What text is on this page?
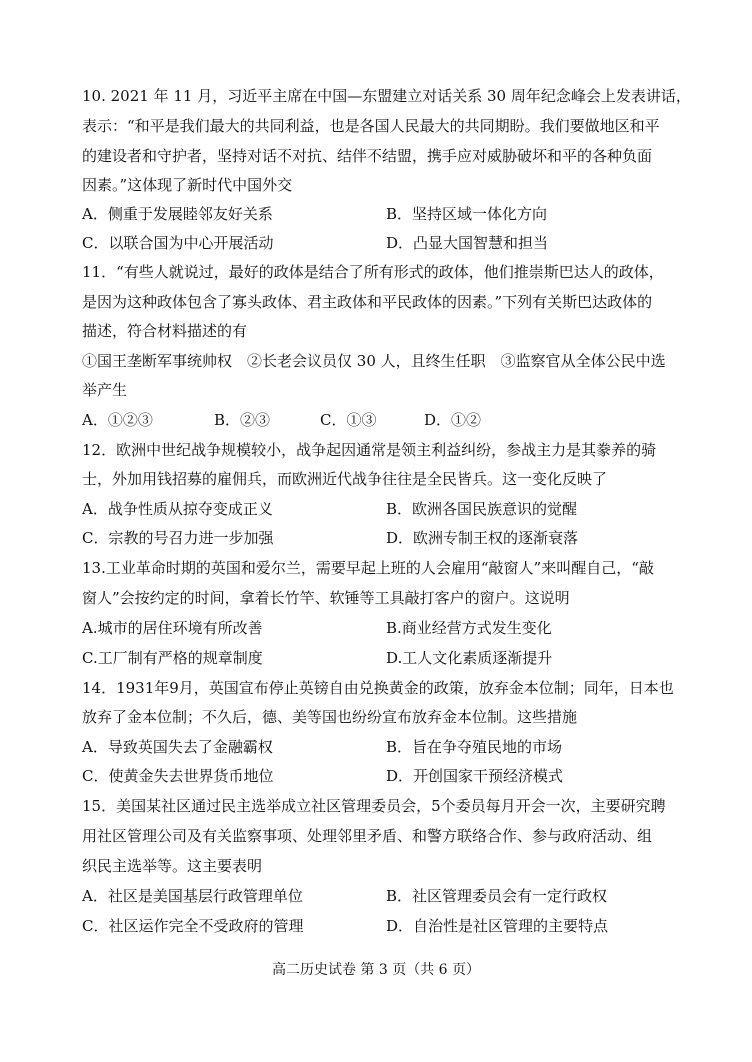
10. 2021 年 11 月，习近平主席在中国—东盟建立对话关系 30 周年纪念峰会上发表讲话，
表示：“和平是我们最大的共同利益，也是各国人民最大的共同期盼。我们要做地区和平
的建设者和守护者，坚持对话不对抗、结伴不结盟，携手应对威胁破坏和平的各种负面
因素。”这体现了新时代中国外交
A．侧重于发展睦邻友好关系	B．坚持区域一体化方向
C．以联合国为中心开展活动	D．凸显大国智慧和担当
11．“有些人就说过，最好的政体是结合了所有形式的政体，他们推崇斯巴达人的政体，
是因为这种政体包含了寡头政体、君主政体和平民政体的因素。”下列有关斯巴达政体的
描述，符合材料描述的有
①国王垄断军事统帅权　②长老会议员仅 30 人，且终生任职　③监察官从全体公民中选
举产生
A．①②③	B．②③	C．①③	D．①②
12．欧洲中世纪战争规模较小，战争起因通常是领主利益纠纷，参战主力是其豢养的骑
士，外加用钱招募的雇佣兵，而欧洲近代战争往往是全民皆兵。这一变化反映了
A．战争性质从掠夺变成正义	B．欧洲各国民族意识的觉醒
C．宗教的号召力进一步加强	D．欧洲专制王权的逐渐衰落
13.工业革命时期的英国和爱尔兰，需要早起上班的人会雇用“敲窗人”来叫醒自己，“敲
窗人”会按约定的时间，拿着长竹竿、软锤等工具敲打客户的窗户。这说明
A.城市的居住环境有所改善	B.商业经营方式发生变化
C.工厂制有严格的规章制度	D.工人文化素质逐渐提升
14．1931年9月，英国宣布停止英镑自由兑换黄金的政策，放弃金本位制；同年，日本也
放弃了金本位制；不久后，德、美等国也纷纷宣布放弃金本位制。这些措施
A．导致英国失去了金融霸权	B．旨在争夺殖民地的市场
C．使黄金失去世界货币地位	D．开创国家干预经济模式
15．美国某社区通过民主选举成立社区管理委员会，5个委员每月开会一次，主要研究聘
用社区管理公司及有关监察事项、处理邻里矛盾、和警方联络合作、参与政府活动、组
织民主选举等。这主要表明
A．社区是美国基层行政管理单位	B．社区管理委员会有一定行政权
C．社区运作完全不受政府的管理	D．自治性是社区管理的主要特点
高二历史试卷 第 3 页（共 6 页）
